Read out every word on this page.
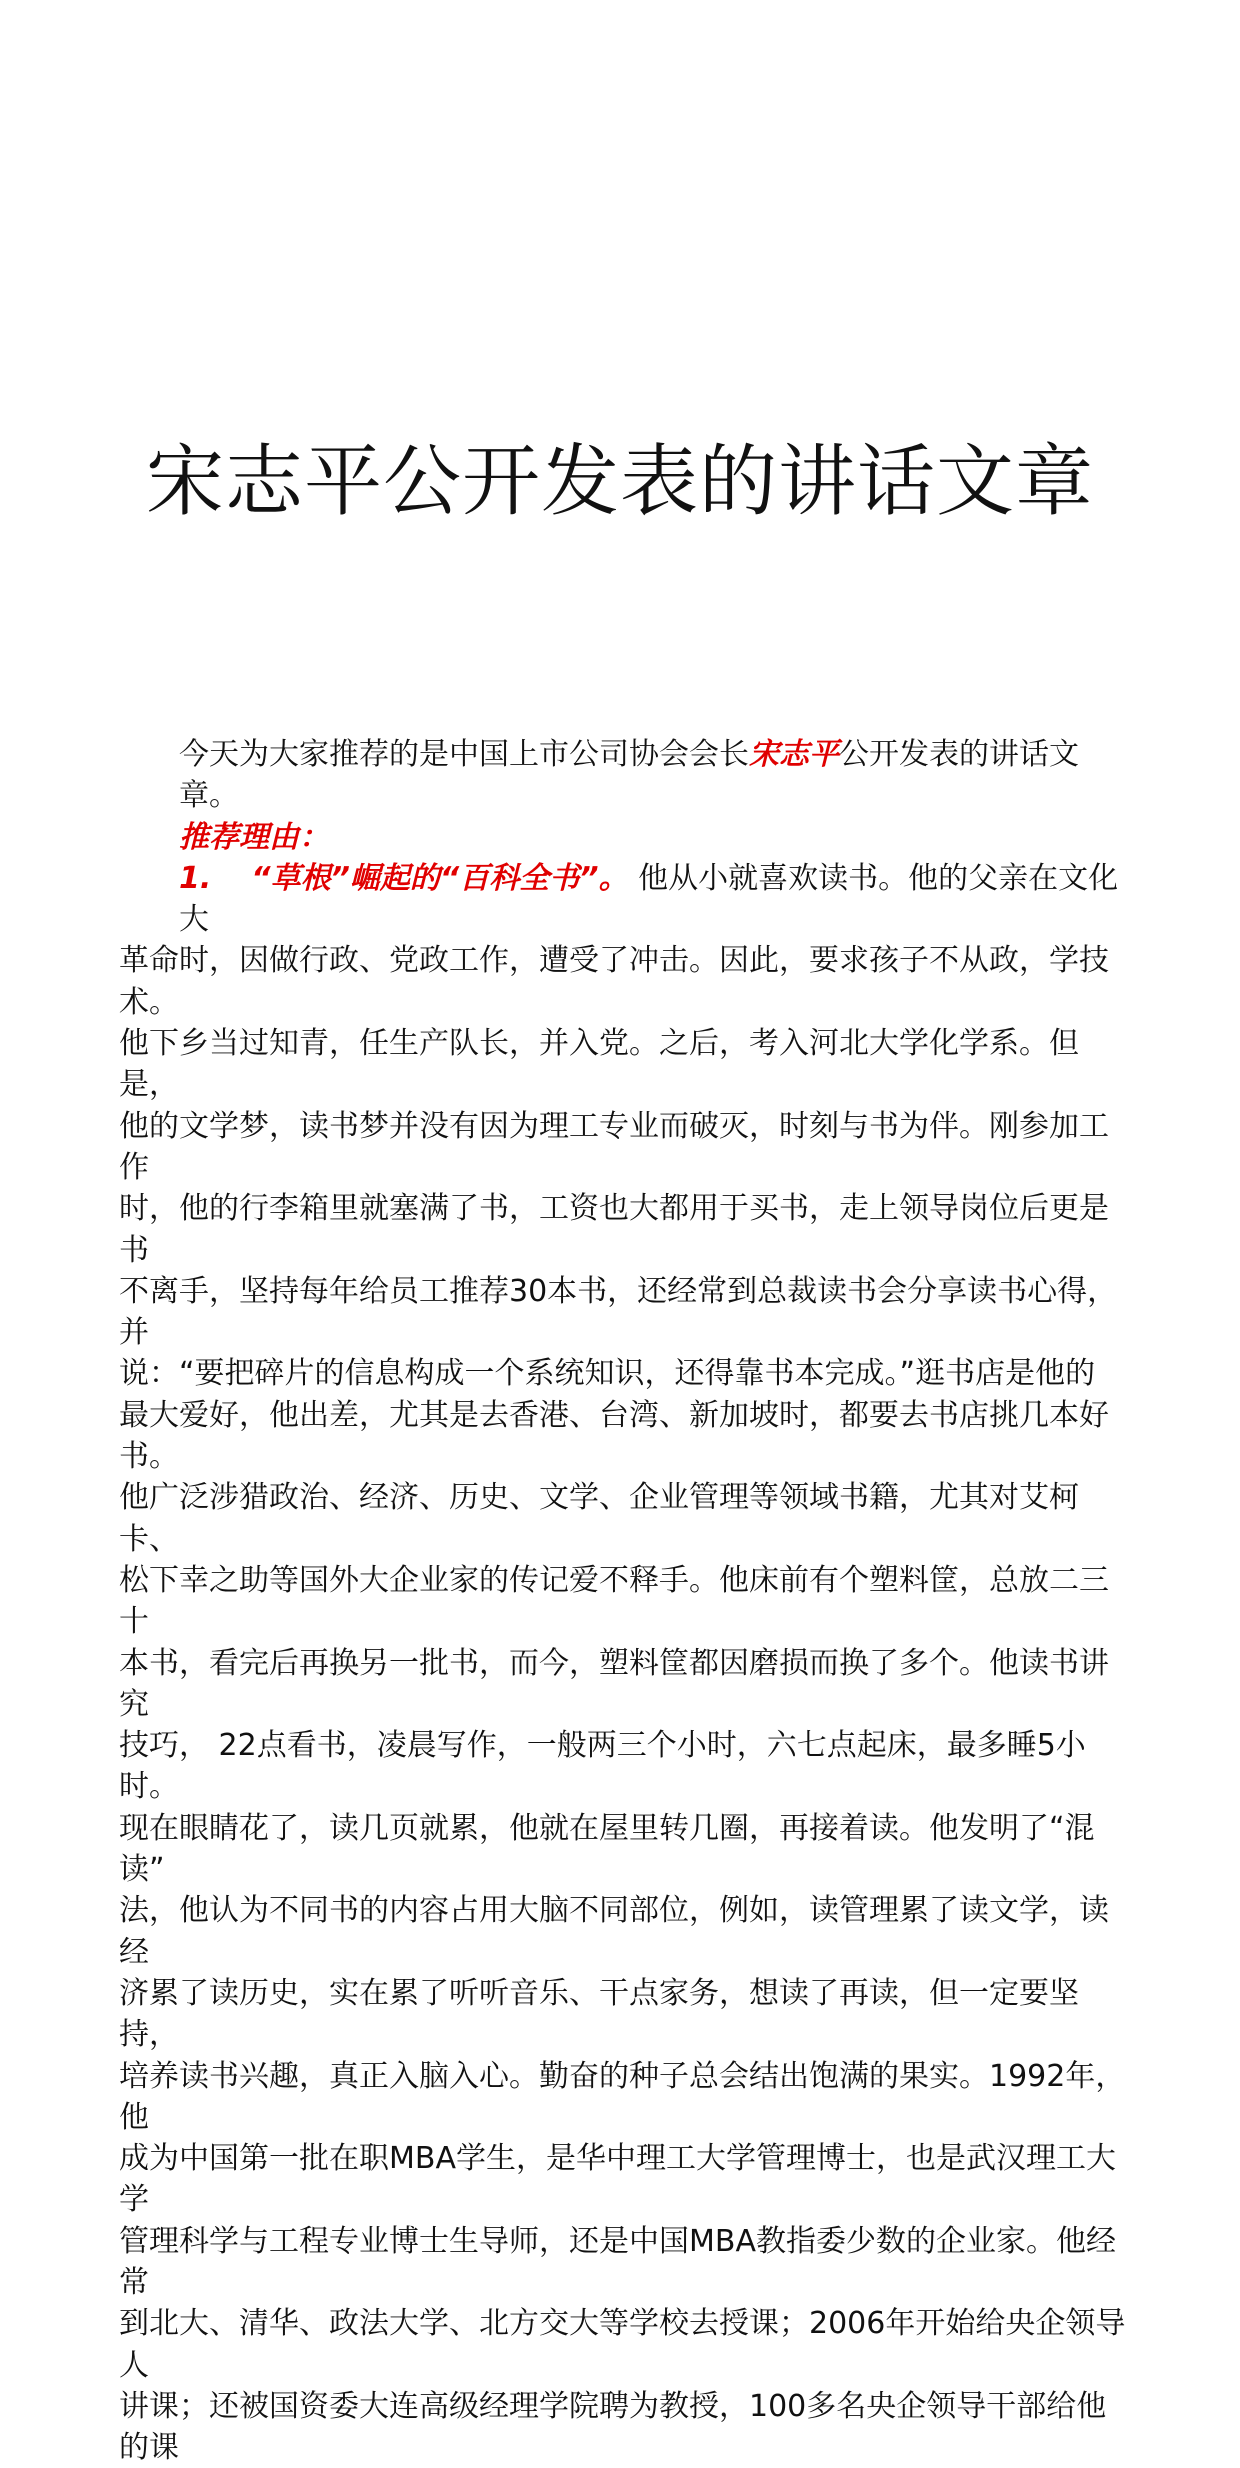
宋志平公开发表的讲话文章

今天为大家推荐的是中国上市公司协会会长宋志平公开发表的讲话文章。

推荐理由：

1. “草根”崛起的“百科全书”。 他从小就喜欢读书。他的父亲在文化大

革命时，因做行政、党政工作，遭受了冲击。因此，要求孩子不从政，学技术。

他下乡当过知青，任生产队长，并入党。之后，考入河北大学化学系。但是，

他的文学梦，读书梦并没有因为理工专业而破灭，时刻与书为伴。刚参加工作

时，他的行李箱里就塞满了书，工资也大都用于买书，走上领导岗位后更是书

不离手，坚持每年给员工推荐30本书，还经常到总裁读书会分享读书心得，并

说：“要把碎片的信息构成一个系统知识，还得靠书本完成。”逛书店是他的

最大爱好，他出差，尤其是去香港、台湾、新加坡时，都要去书店挑几本好书。

他广泛涉猎政治、经济、历史、文学、企业管理等领域书籍，尤其对艾柯卡、

松下幸之助等国外大企业家的传记爱不释手。他床前有个塑料筐，总放二三十

本书，看完后再换另一批书，而今，塑料筐都因磨损而换了多个。他读书讲究

技巧， 22点看书，凌晨写作，一般两三个小时，六七点起床，最多睡5小时。

现在眼睛花了，读几页就累，他就在屋里转几圈，再接着读。他发明了“混读”

法，他认为不同书的内容占用大脑不同部位，例如，读管理累了读文学，读经

济累了读历史，实在累了听听音乐、干点家务，想读了再读，但一定要坚持，

培养读书兴趣，真正入脑入心。勤奋的种子总会结出饱满的果实。1992年，他

成为中国第一批在职MBA学生，是华中理工大学管理博士，也是武汉理工大学

管理科学与工程专业博士生导师，还是中国MBA教指委少数的企业家。他经常

到北大、清华、政法大学、北方交大等学校去授课；2006年开始给央企领导人

讲课；还被国资委大连高级经理学院聘为教授，100多名央企领导干部给他的课
